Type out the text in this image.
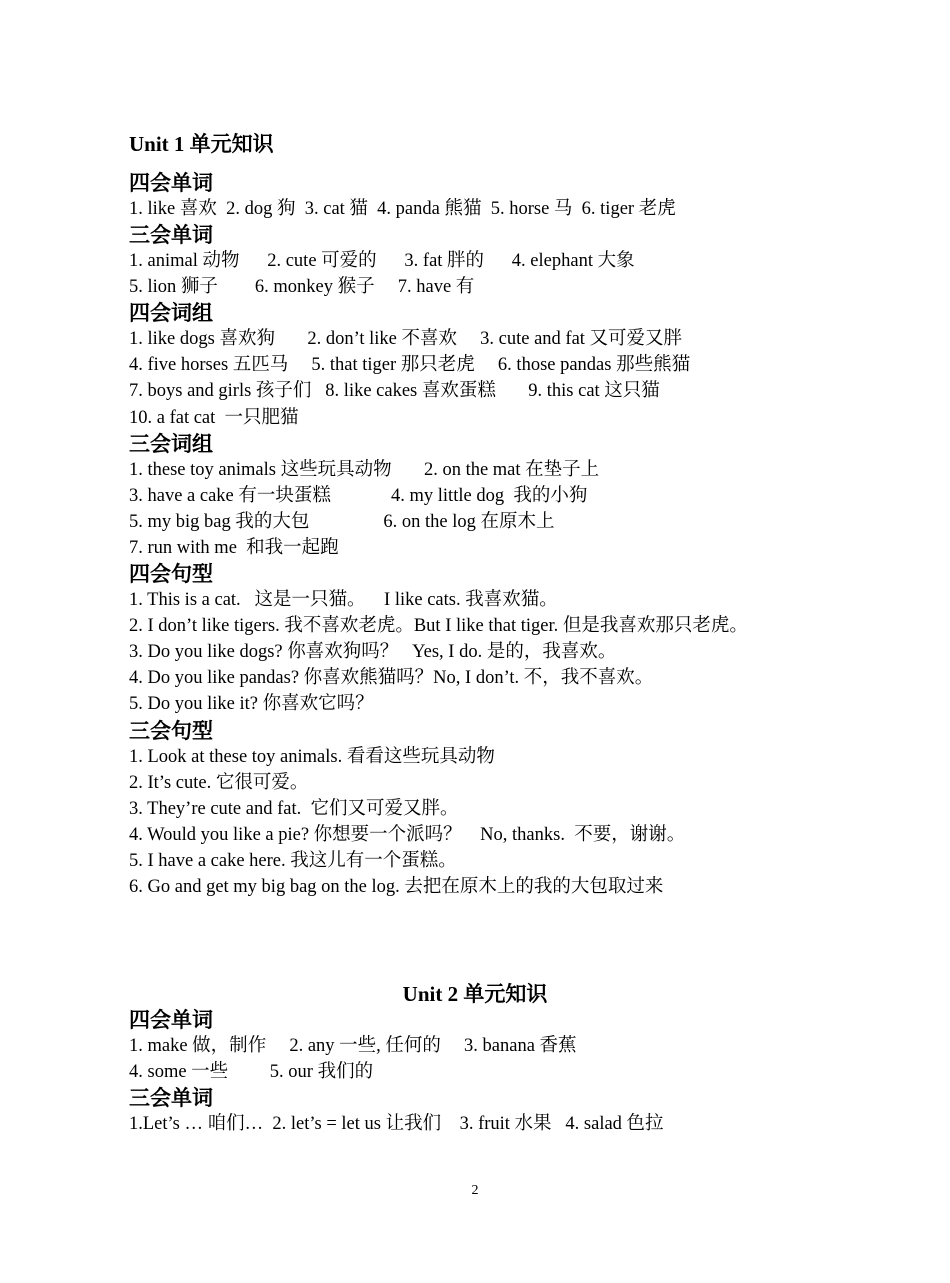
Unit 1 单元知识
四会单词
1. like 喜欢  2. dog 狗  3. cat 猫  4. panda 熊猫  5. horse 马  6. tiger 老虎
三会单词
1. animal 动物      2. cute 可爱的      3. fat 胖的      4. elephant 大象
5. lion 狮子        6. monkey 猴子     7. have 有
四会词组
1. like dogs 喜欢狗       2. don’t like 不喜欢     3. cute and fat 又可爱又胖
4. five horses 五匹马     5. that tiger 那只老虎     6. those pandas 那些熊猫
7. boys and girls 孩子们   8. like cakes 喜欢蛋糕       9. this cat 这只猫
10. a fat cat  一只肥猫
三会词组
1. these toy animals 这些玩具动物       2. on the mat 在垫子上
3. have a cake 有一块蛋糕             4. my little dog  我的小狗
5. my big bag 我的大包                6. on the log 在原木上
7. run with me  和我一起跑
四会句型
1. This is a cat.   这是一只猫。    I like cats. 我喜欢猫。
2. I don’t like tigers. 我不喜欢老虎。But I like that tiger. 但是我喜欢那只老虎。
3. Do you like dogs? 你喜欢狗吗？   Yes, I do. 是的，我喜欢。
4. Do you like pandas? 你喜欢熊猫吗？No, I don’t. 不，我不喜欢。
5. Do you like it? 你喜欢它吗？
三会句型
1. Look at these toy animals. 看看这些玩具动物
2. It’s cute. 它很可爱。
3. They’re cute and fat.  它们又可爱又胖。
4. Would you like a pie? 你想要一个派吗？    No, thanks.  不要，谢谢。
5. I have a cake here. 我这儿有一个蛋糕。
6. Go and get my big bag on the log. 去把在原木上的我的大包取过来
Unit 2 单元知识
四会单词
1. make 做，制作     2. any 一些, 任何的     3. banana 香蕉
4. some 一些         5. our 我们的
三会单词
1.Let’s … 咱们…  2. let’s = let us 让我们    3. fruit 水果   4. salad 色拉
2
